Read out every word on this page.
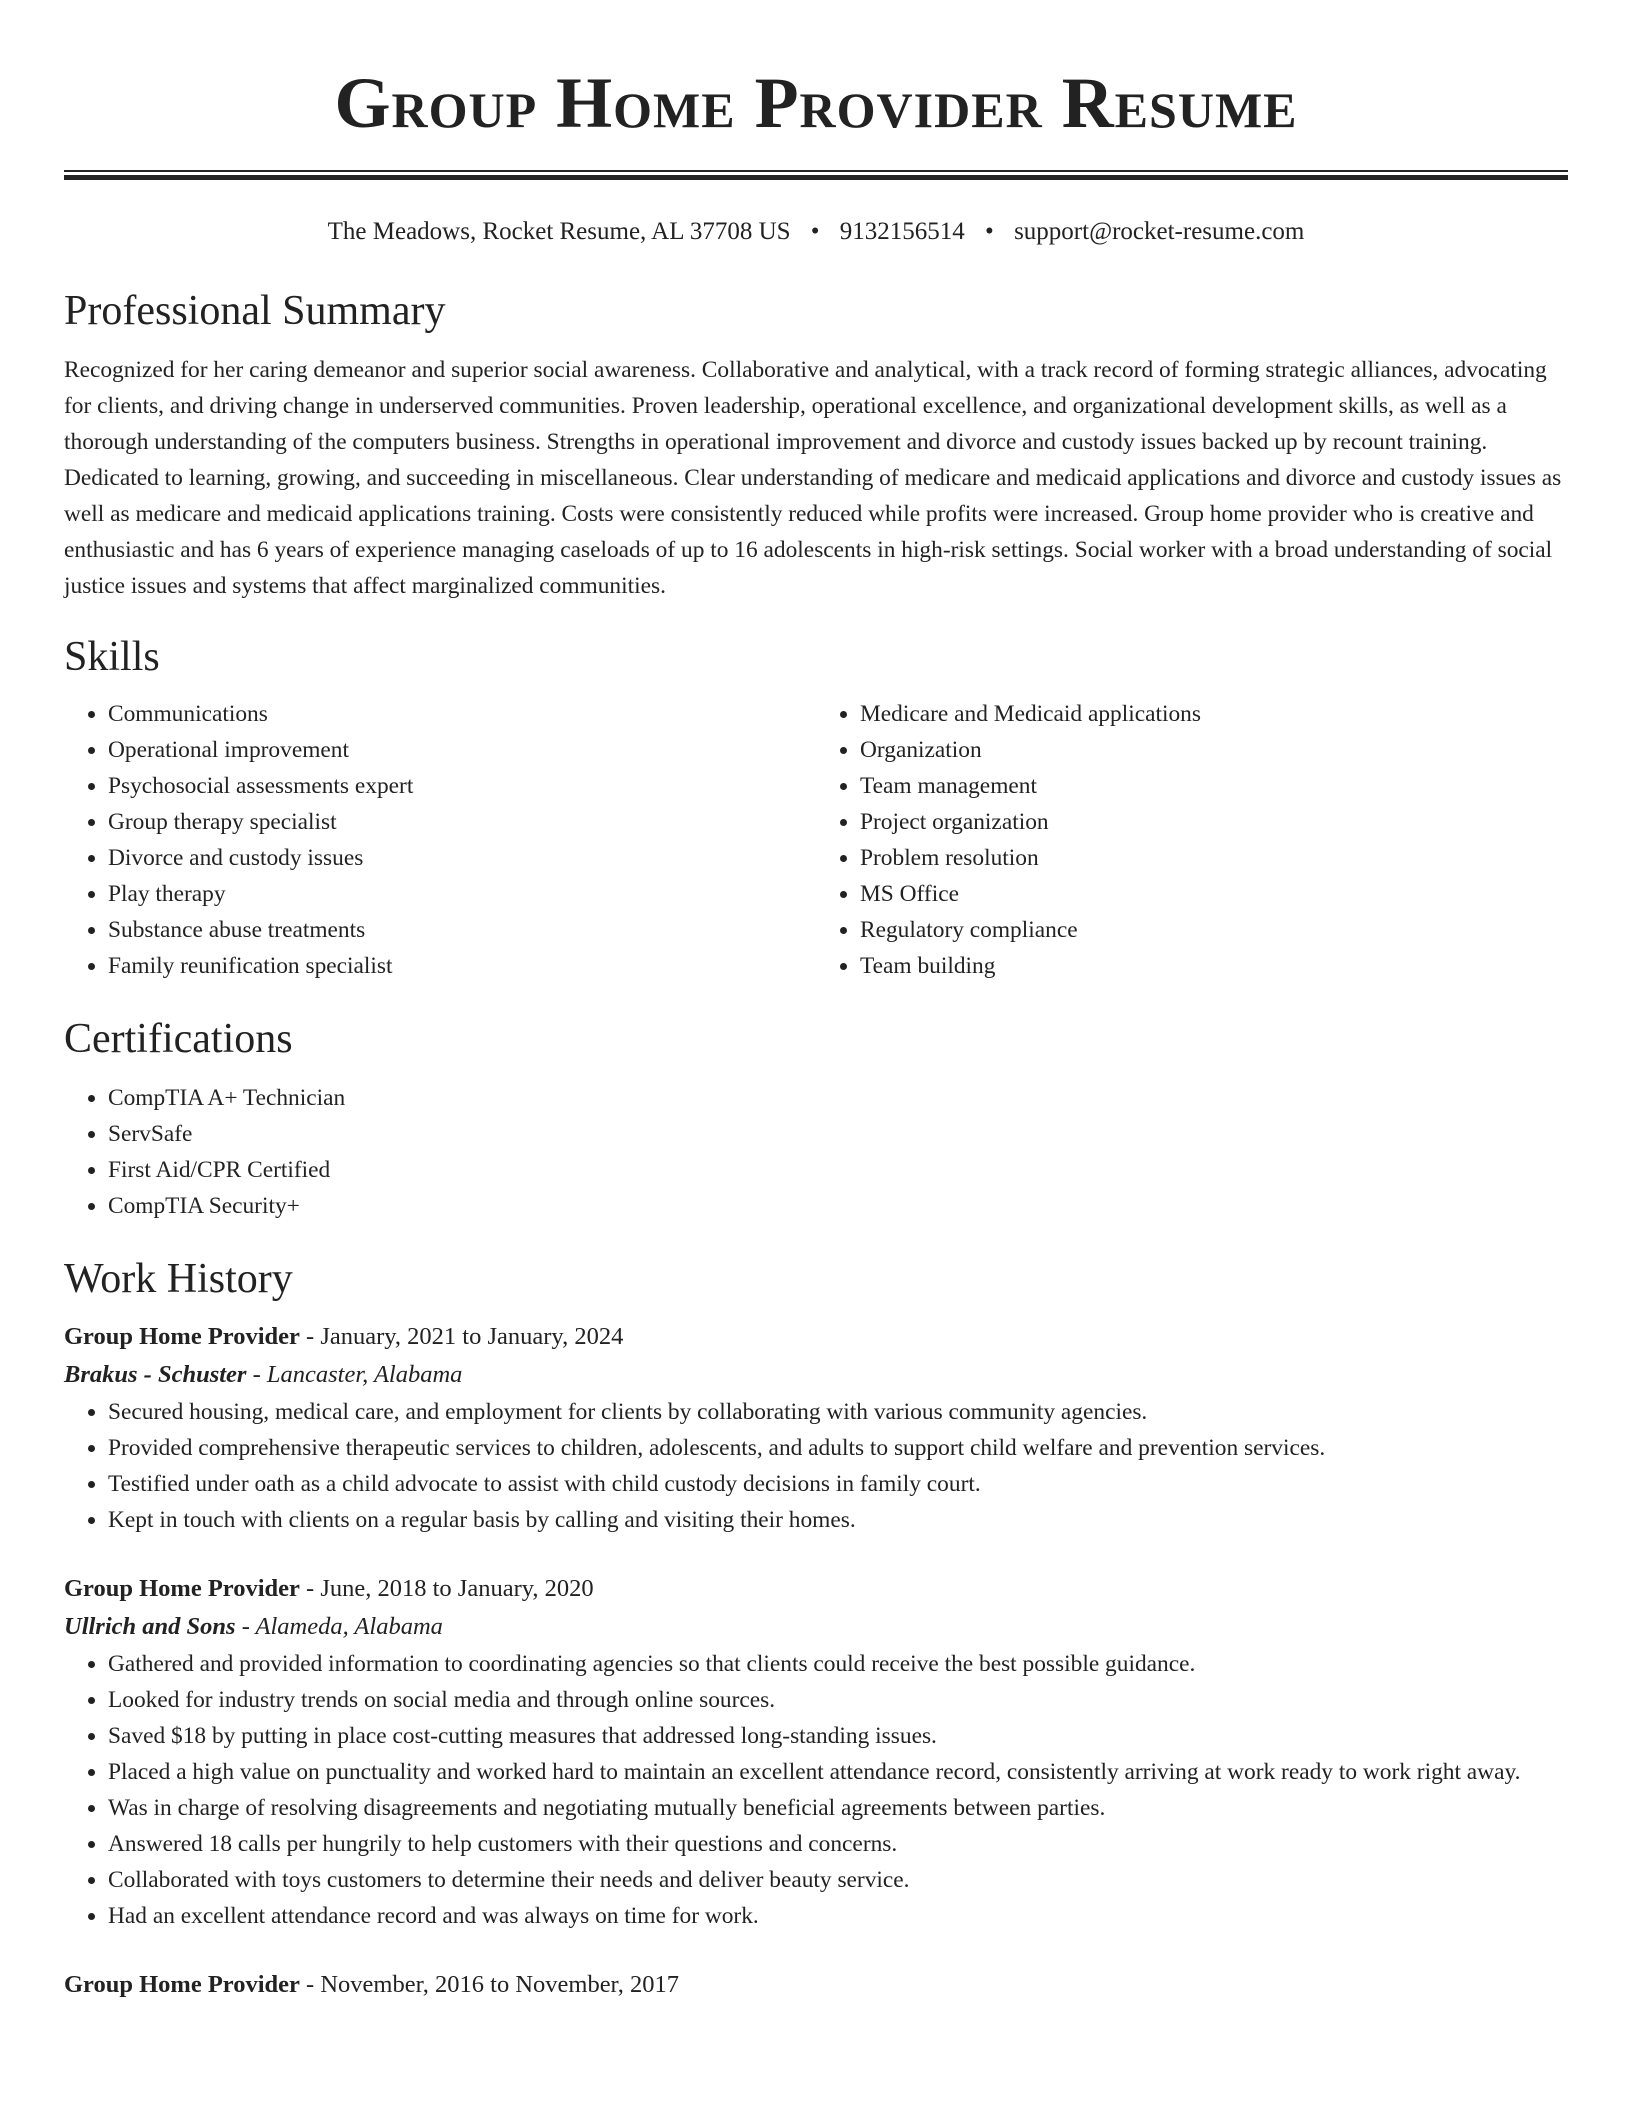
Group Home Provider Resume
The Meadows, Rocket Resume, AL 37708 US • 9132156514 • support@rocket-resume.com
Professional Summary

Recognized for her caring demeanor and superior social awareness. Collaborative and analytical, with a track record of forming strategic alliances, advocating for clients, and driving change in underserved communities. Proven leadership, operational excellence, and organizational development skills, as well as a thorough understanding of the computers business. Strengths in operational improvement and divorce and custody issues backed up by recount training. Dedicated to learning, growing, and succeeding in miscellaneous. Clear understanding of medicare and medicaid applications and divorce and custody issues as well as medicare and medicaid applications training. Costs were consistently reduced while profits were increased. Group home provider who is creative and enthusiastic and has 6 years of experience managing caseloads of up to 16 adolescents in high-risk settings. Social worker with a broad understanding of social justice issues and systems that affect marginalized communities.

Skills
• Communications
• Operational improvement
• Psychosocial assessments expert
• Group therapy specialist
• Divorce and custody issues
• Play therapy
• Substance abuse treatments
• Family reunification specialist
• Medicare and Medicaid applications
• Organization
• Team management
• Project organization
• Problem resolution
• MS Office
• Regulatory compliance
• Team building
Certifications
• CompTIA A+ Technician
• ServSafe
• First Aid/CPR Certified
• CompTIA Security+
Work History
Group Home Provider - January, 2021 to January, 2024
Brakus - Schuster - Lancaster, Alabama
• Secured housing, medical care, and employment for clients by collaborating with various community agencies.
• Provided comprehensive therapeutic services to children, adolescents, and adults to support child welfare and prevention services.
• Testified under oath as a child advocate to assist with child custody decisions in family court.
• Kept in touch with clients on a regular basis by calling and visiting their homes.
Group Home Provider - June, 2018 to January, 2020
Ullrich and Sons - Alameda, Alabama
• Gathered and provided information to coordinating agencies so that clients could receive the best possible guidance.
• Looked for industry trends on social media and through online sources.
• Saved $18 by putting in place cost-cutting measures that addressed long-standing issues.
• Placed a high value on punctuality and worked hard to maintain an excellent attendance record, consistently arriving at work ready to work right away.
• Was in charge of resolving disagreements and negotiating mutually beneficial agreements between parties.
• Answered 18 calls per hungrily to help customers with their questions and concerns.
• Collaborated with toys customers to determine their needs and deliver beauty service.
• Had an excellent attendance record and was always on time for work.
Group Home Provider - November, 2016 to November, 2017
